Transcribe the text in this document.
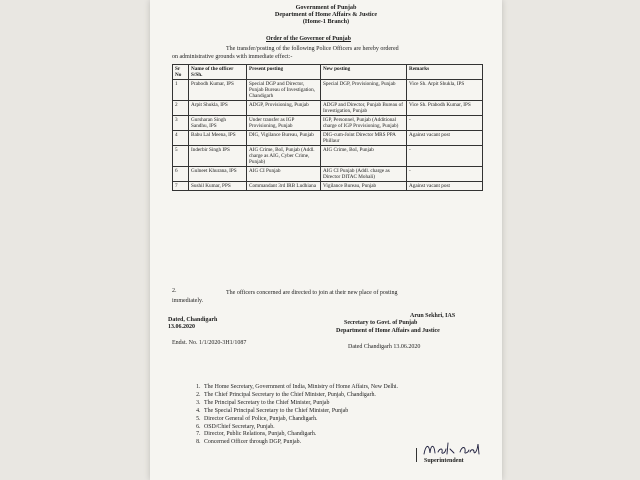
Government of Punjab
Department of Home Affairs & Justice
(Home-1 Branch)
Order of the Governor of Punjab
The transfer/posting of the following Police Officers are hereby ordered
on administrative grounds with immediate effect:-
Sr No	Name of the officer S/Sh.	Present posting	New posting	Remarks
1	Prabodh Kumar, IPS	Special DGP and Director, Punjab Bureau of Investigation, Chandigarh	Special DGP, Provisioning, Punjab	Vice Sh. Arpit Shukla, IPS
2	Arpit Shukla, IPS	ADGP, Provisioning, Punjab	ADGP and Director, Punjab Bureau of Investigation, Punjab	Vice Sh. Prabodh Kumar, IPS
3	Gursharan Singh Sandhu, IPS	Under transfer as IGP Provisioning, Punjab	IGP, Personnel, Punjab (Additional charge of IGP Provisioning, Punjab)	-
4	Babu Lal Meena, IPS	DIG, Vigilance Bureau, Punjab	DIG-cum-Joint Director MRS PPA Phillaur	Against vacant post
5	Inderbir Singh IPS	AIG Crime, BoI, Punjab (Addl. charge as AIG, Cyber Crime, Punjab)	AIG Crime, BoI, Punjab	-
6	Gulneet Khurana, IPS	AIG CI Punjab	AIG CI Punjab (Addl. charge as Director DITAC Mohali)	-
7	Sushil Kumar, PPS	Commandant 3rd IRB Ludhiana	Vigilance Bureau, Punjab	Against vacant post
2.	The officers concerned are directed to join at their new place of posting
immediately.
Arun Sekhri, IAS
Secretary to Govt. of Punjab
Dated, Chandigarh
13.06.2020
Department of Home Affairs and Justice
Endst. No. 1/1/2020-3H1/1087
Dated Chandigarh 13.06.2020
1. The Home Secretary, Government of India, Ministry of Home Affairs, New Delhi.
2. The Chief Principal Secretary to the Chief Minister, Punjab, Chandigarh.
3. The Principal Secretary to the Chief Minister, Punjab
4. The Special Principal Secretary to the Chief Minister, Punjab
5. Director General of Police, Punjab, Chandigarh.
6. OSD/Chief Secretary, Punjab.
7. Director, Public Relations, Punjab, Chandigarh.
8. Concerned Officer through DGP, Punjab.
Superintendent
